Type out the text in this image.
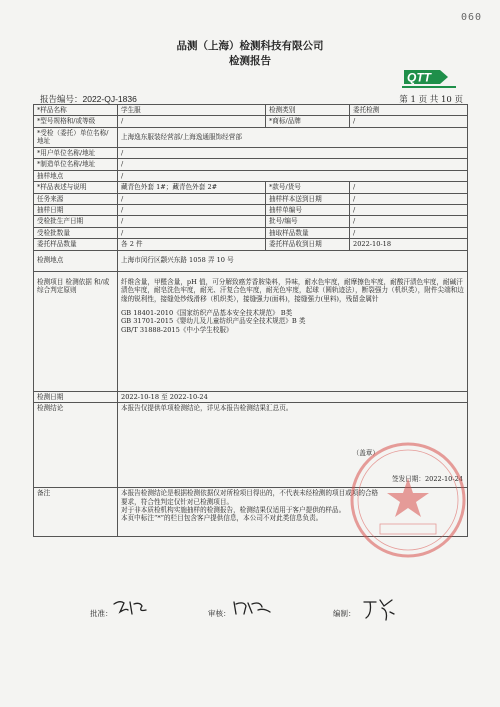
060
品测（上海）检测科技有限公司
检测报告
QTT
报告编号：2022-QJ-1836	第 1 页 共 10 页
*样品名称	学生服	检测类别	委托检测
*型号规格和/或等级	/	*商标/品牌	/
*受检（委托）单位名称/地址	上海逸东服装经营部/上海逸通服饰经营部		
*用户单位名称/地址	/		
*制造单位名称/地址	/		
抽样地点	/		
*样品表述与说明	藏青色外套 1#；藏青色外套 2#	*款号/货号	/
任务来源	/	抽样样本送到日期	/
抽样日期	/	抽样单编号	/
受检批生产日期	/	批号/编号	/
受检批数量	/	抽取样品数量	/
委托样品数量	各 2 件	委托样品收到日期	2022-10-18
检测地点	上海市闵行区颛兴东路 1058 弄 10 号		
检测项目 检测依据 和/或综合判定原则	纤维含量，甲醛含量，pH 值，可分解致癌芳香胺染料，异味，耐水色牢度，耐摩擦色牢度，耐酸汗渍色牢度，耐碱汗渍色牢度，耐皂洗色牢度，耐光、汗复合色牢度，耐光色牢度，起球（圆轨迹法），断裂强力（机织类），附件尖端和边缘的锐利性，接缝处纱线滑移（机织类），接缝强力(面料)，接缝强力(里料)，残留金属针
GB 18401-2010《国家纺织产品基本安全技术规范》 B类
GB 31701-2015《婴幼儿及儿童纺织产品安全技术规范》B 类
GB/T 31888-2015《中小学生校服》		

检测日期	2022-10-18 至 2022-10-24		
检测结论	本报告仅提供单项检测结论，详见本报告检测结果汇总页。
（盖章）
签发日期：2022-10-24		

备注	本报告检测结论是根据检测依据仅对所检项目得出的，不代表未经检测的项目或项的合格
要求，符合性判定仅针对已检测项目。
对于非本质检机构实施抽样的检测报告，检测结果仅适用于客户提供的样品。
本页中标注“*”的栏目包含客户提供信息，本公司不对此类信息负责。		
批准：	审核：	编制：
